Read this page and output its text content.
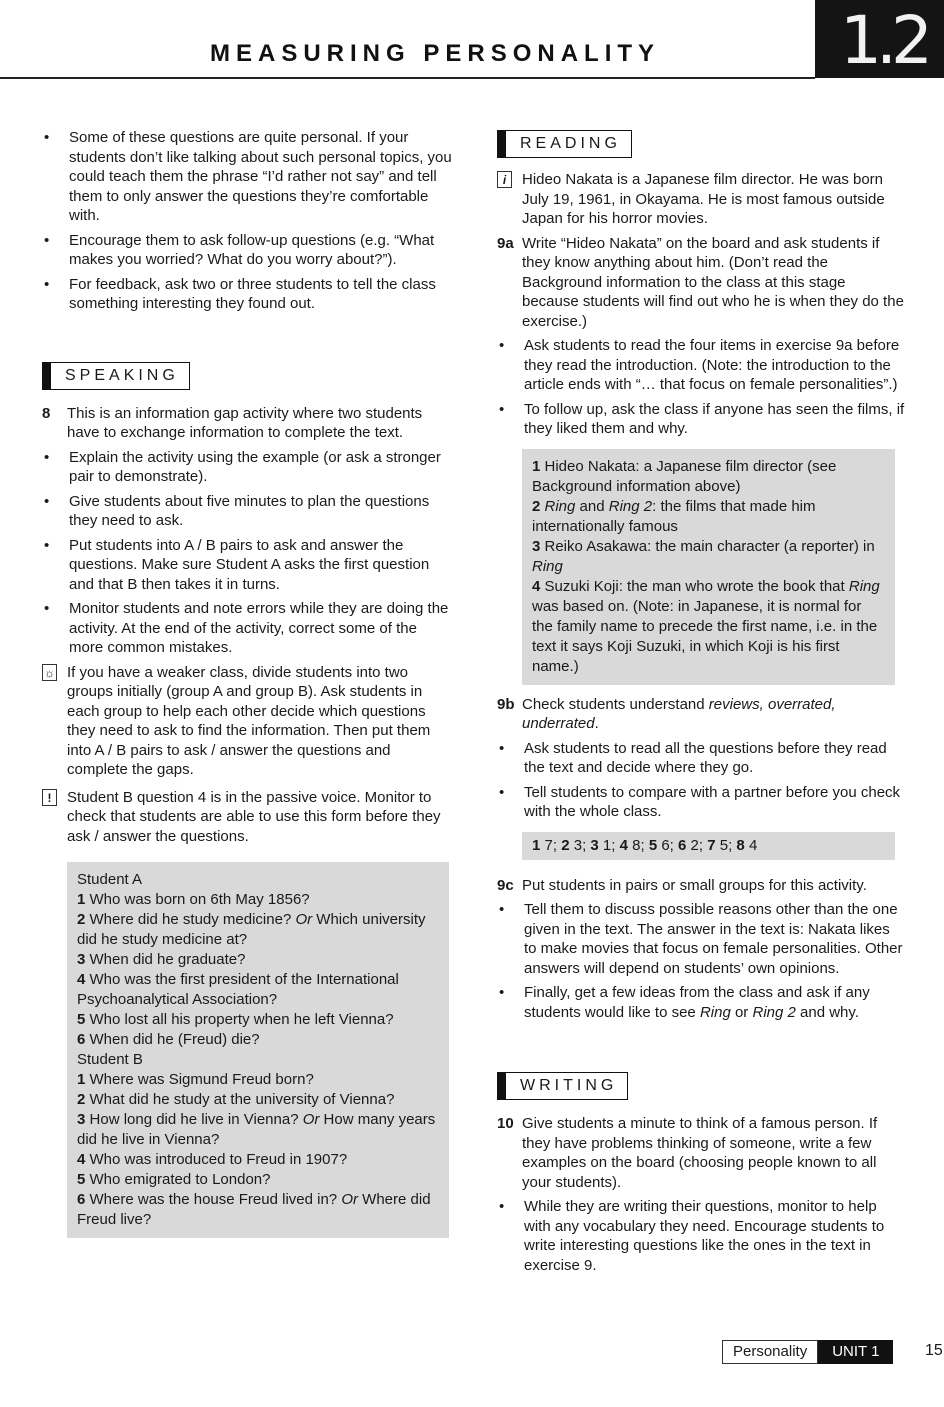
MEASURING PERSONALITY	1.2
•	Some of these questions are quite personal. If your students don’t like talking about such personal topics, you could teach them the phrase “I’d rather not say” and tell them to only answer the questions they’re comfortable with.
•	Encourage them to ask follow-up questions (e.g. “What makes you worried? What do you worry about?”).
•	For feedback, ask two or three students to tell the class something interesting they found out.
SPEAKING
8	This is an information gap activity where two students have to exchange information to complete the text.
•	Explain the activity using the example (or ask a stronger pair to demonstrate).
•	Give students about five minutes to plan the questions they need to ask.
•	Put students into A / B pairs to ask and answer the questions. Make sure Student A asks the first question and that B then takes it in turns.
•	Monitor students and note errors while they are doing the activity. At the end of the activity, correct some of the more common mistakes.
☼ If you have a weaker class, divide students into two groups initially (group A and group B). Ask students in each group to help each other decide which questions they need to ask to find the information. Then put them into A / B pairs to ask / answer the questions and complete the gaps.
!	Student B question 4 is in the passive voice. Monitor to check that students are able to use this form before they ask / answer the questions.
Student A
1 Who was born on 6th May 1856?
2 Where did he study medicine? Or Which university did he study medicine at?
3 When did he graduate?
4 Who was the first president of the International Psychoanalytical Association?
5 Who lost all his property when he left Vienna?
6 When did he (Freud) die?
Student B
1 Where was Sigmund Freud born?
2 What did he study at the university of Vienna?
3 How long did he live in Vienna? Or How many years did he live in Vienna?
4 Who was introduced to Freud in 1907?
5 Who emigrated to London?
6 Where was the house Freud lived in? Or Where did Freud live?
READING
i	Hideo Nakata is a Japanese film director. He was born July 19, 1961, in Okayama. He is most famous outside Japan for his horror movies.
9a Write “Hideo Nakata” on the board and ask students if they know anything about him. (Don’t read the Background information to the class at this stage because students will find out who he is when they do the exercise.)
•	Ask students to read the four items in exercise 9a before they read the introduction. (Note: the introduction to the article ends with “… that focus on female personalities”.)
•	To follow up, ask the class if anyone has seen the films, if they liked them and why.
1 Hideo Nakata: a Japanese film director (see Background information above)
2 Ring and Ring 2: the films that made him internationally famous
3 Reiko Asakawa: the main character (a reporter) in Ring
4 Suzuki Koji: the man who wrote the book that Ring was based on. (Note: in Japanese, it is normal for the family name to precede the first name, i.e. in the text it says Koji Suzuki, in which Koji is his first name.)
9b Check students understand reviews, overrated, underrated.
•	Ask students to read all the questions before they read the text and decide where they go.
•	Tell students to compare with a partner before you check with the whole class.
1 7; 2 3; 3 1; 4 8; 5 6; 6 2; 7 5; 8 4
9c Put students in pairs or small groups for this activity.
•	Tell them to discuss possible reasons other than the one given in the text. The answer in the text is: Nakata likes to make movies that focus on female personalities. Other answers will depend on students’ own opinions.
•	Finally, get a few ideas from the class and ask if any students would like to see Ring or Ring 2 and why.
WRITING
10 Give students a minute to think of a famous person. If they have problems thinking of someone, write a few examples on the board (choosing people known to all your students).
•	While they are writing their questions, monitor to help with any vocabulary they need. Encourage students to write interesting questions like the ones in the text in exercise 9.
Personality	UNIT 1	15
